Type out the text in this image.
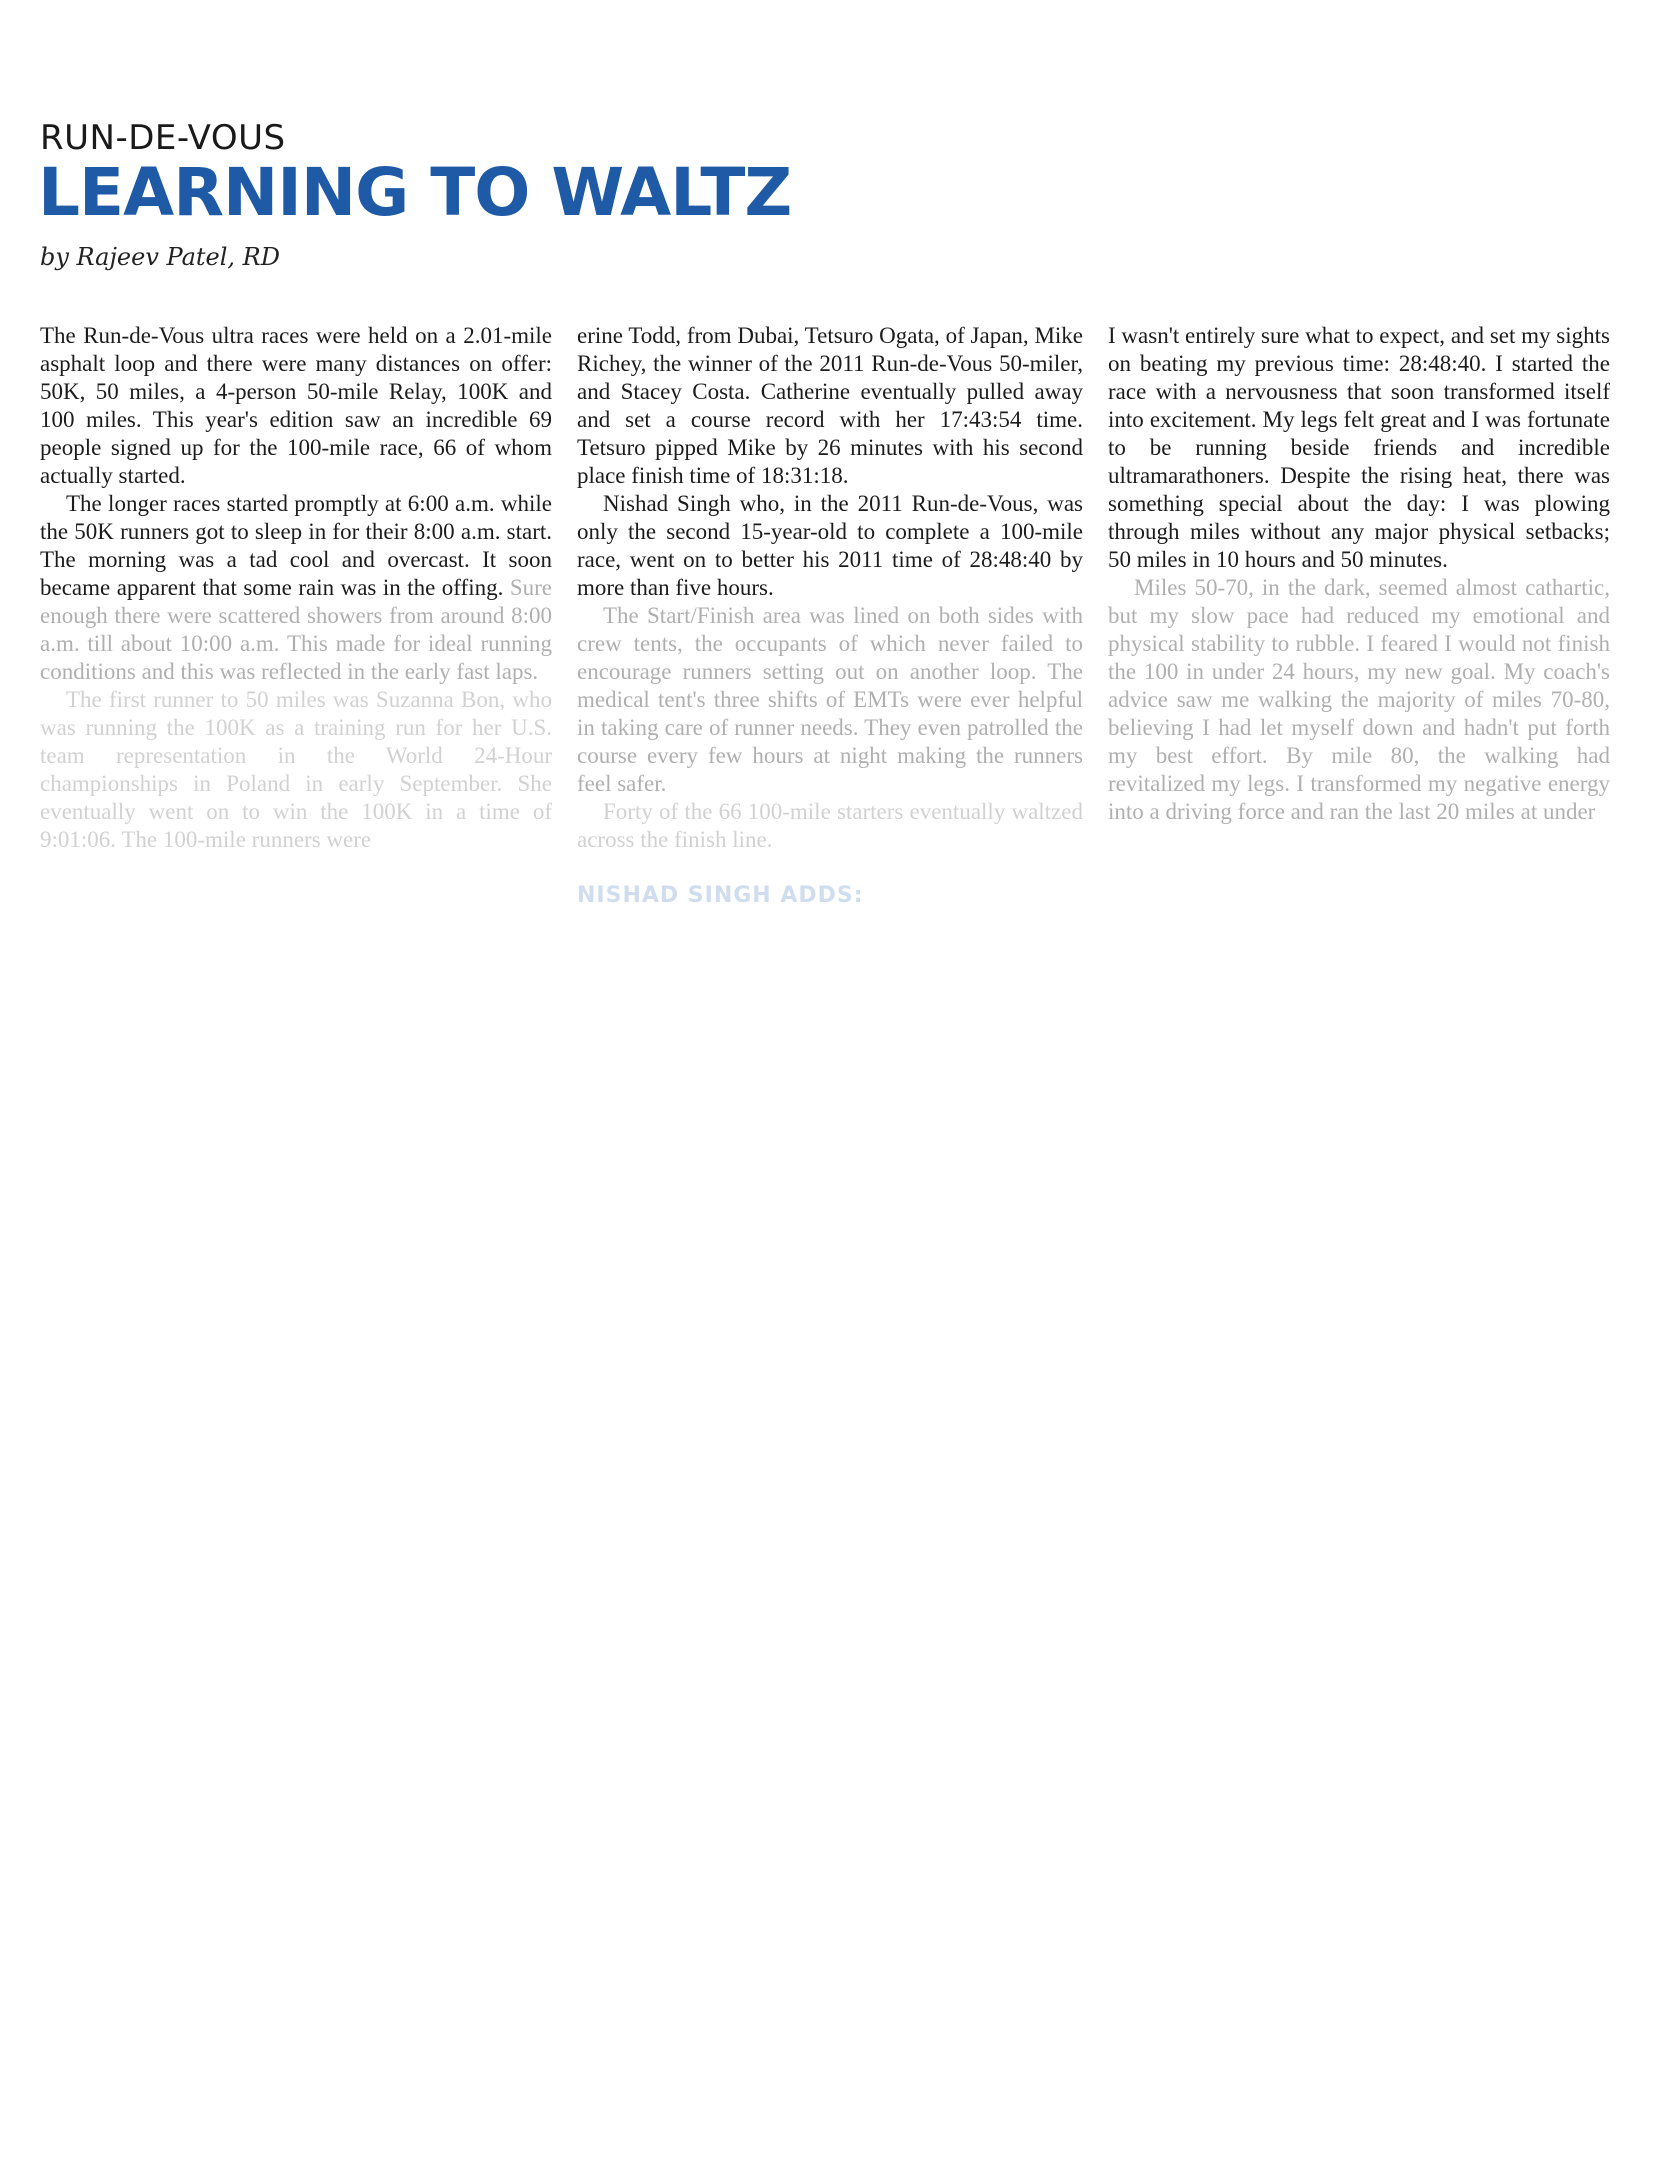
RUN-DE-VOUS
LEARNING TO WALTZ
by Rajeev Patel, RD

The Run-de-Vous ultra races were held on a 2.01-mile asphalt loop and there were many distances on offer: 50K, 50 miles, a 4-person 50-mile Relay, 100K and 100 miles. This year's edition saw an incredible 69 people signed up for the 100-mile race, 66 of whom actually started.

The longer races started promptly at 6:00 a.m. while the 50K runners got to sleep in for their 8:00 a.m. start. The morning was a tad cool and overcast. It soon became apparent that some rain was in the offing. Sure enough there were scattered showers from around 8:00 a.m. till about 10:00 a.m. This made for ideal running conditions and this was reflected in the early fast laps.

The first runner to 50 miles was Suzanna Bon, who was running the 100K as a training run for her U.S. team representation in the World 24-Hour championships in Poland in early September. She eventually went on to win the 100K in a time of 9:01:06. The 100-mile runners were

erine Todd, from Dubai, Tetsuro Ogata, of Japan, Mike Richey, the winner of the 2011 Run-de-Vous 50-miler, and Stacey Costa. Catherine eventually pulled away and set a course record with her 17:43:54 time. Tetsuro pipped Mike by 26 minutes with his second place finish time of 18:31:18.

Nishad Singh who, in the 2011 Run-de-Vous, was only the second 15-year-old to complete a 100-mile race, went on to better his 2011 time of 28:48:40 by more than five hours.

The Start/Finish area was lined on both sides with crew tents, the occupants of which never failed to encourage runners setting out on another loop. The medical tent's three shifts of EMTs were ever helpful in taking care of runner needs. They even patrolled the course every few hours at night making the runners feel safer.

Forty of the 66 100-mile starters eventually waltzed across the finish line.

NISHAD SINGH ADDS:

I wasn't entirely sure what to expect, and set my sights on beating my previous time: 28:48:40. I started the race with a nervousness that soon transformed itself into excitement. My legs felt great and I was fortunate to be running beside friends and incredible ultramarathoners. Despite the rising heat, there was something special about the day: I was plowing through miles without any major physical setbacks; 50 miles in 10 hours and 50 minutes.

Miles 50-70, in the dark, seemed almost cathartic, but my slow pace had reduced my emotional and physical stability to rubble. I feared I would not finish the 100 in under 24 hours, my new goal. My coach's advice saw me walking the majority of miles 70-80, believing I had let myself down and hadn't put forth my best effort. By mile 80, the walking had revitalized my legs. I transformed my negative energy into a driving force and ran the last 20 miles at under
